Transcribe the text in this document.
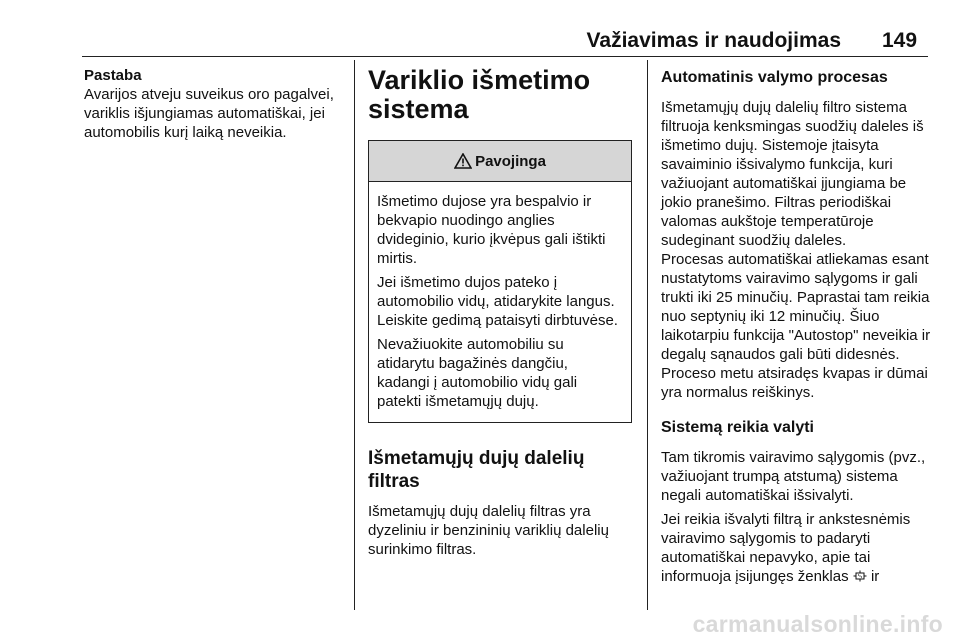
Važiavimas ir naudojimas 149

Pastaba

Avarijos atveju suveikus oro pagalvei, variklis išjungiamas automatiškai, jei automobilis kurį laiką neveikia.

Variklio išmetimo sistema
Pavojinga

Išmetimo dujose yra bespalvio ir bekvapio nuodingo anglies dvideginio, kurio įkvėpus gali ištikti mirtis.

Jei išmetimo dujos pateko į automobilio vidų, atidarykite langus. Leiskite gedimą pataisyti dirbtuvėse.

Nevažiuokite automobiliu su atidarytu bagažinės dangčiu, kadangi į automobilio vidų gali patekti išmetamųjų dujų.

Išmetamųjų dujų dalelių filtras

Išmetamųjų dujų dalelių filtras yra dyzeliniu ir benzininių variklių dalelių surinkimo filtras.

Automatinis valymo procesas

Išmetamųjų dujų dalelių filtro sistema filtruoja kenksmingas suodžių daleles iš išmetimo dujų. Sistemoje įtaisyta savaiminio išsivalymo funkcija, kuri važiuojant automatiškai įjungiama be jokio pranešimo. Filtras periodiškai valomas aukštoje temperatūroje sudeginant suodžių daleles.

Procesas automatiškai atliekamas esant nustatytoms vairavimo sąlygoms ir gali trukti iki 25 minučių. Paprastai tam reikia nuo septynių iki 12 minučių. Šiuo laikotarpiu funkcija "Autostop" neveikia ir degalų sąnaudos gali būti didesnės. Proceso metu atsiradęs kvapas ir dūmai yra normalus reiškinys.

Sistemą reikia valyti

Tam tikromis vairavimo sąlygomis (pvz., važiuojant trumpą atstumą) sistema negali automatiškai išsivalyti.

Jei reikia išvalyti filtrą ir ankstesnėmis vairavimo sąlygomis to padaryti automatiškai nepavyko, apie tai informuoja įsijungęs ženklas ir

carmanualsonline.info
